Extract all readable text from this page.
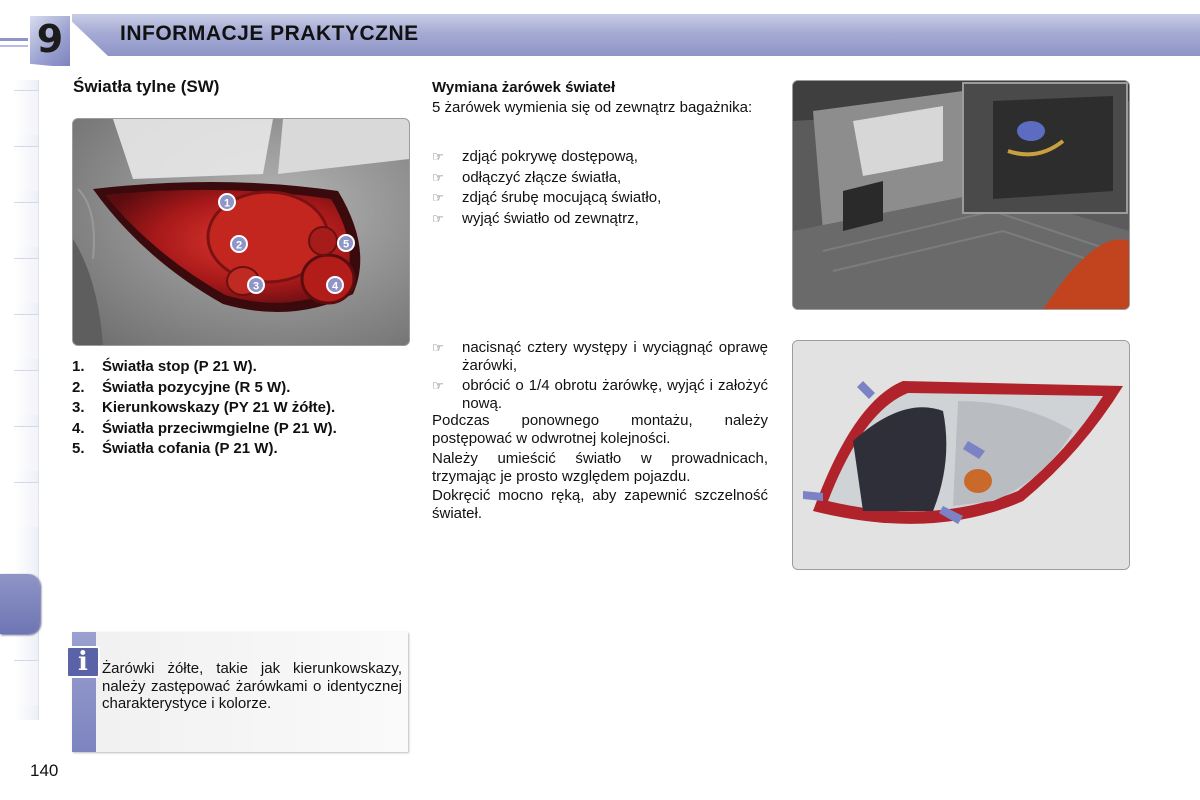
9	INFORMACJE PRAKTYCZNE
Światła tylne (SW)
1
2
3	4
5
1. Światła stop (P 21 W).
2. Światła pozycyjne (R 5 W).
3. Kierunkowskazy (PY 21 W żółte).
4. Światła przeciwmgielne (P 21 W).
5. Światła cofania (P 21 W).
i Żarówki żółte, takie jak kierunkowskazy, należy zastępować żarówkami o identycznej charakterystyce i kolorze.
Wymiana żarówek świateł
5 żarówek wymienia się od zewnątrz bagażnika:
☞ zdjąć pokrywę dostępową,
☞ odłączyć złącze światła,
☞ zdjąć śrubę mocującą światło,
☞ wyjąć światło od zewnątrz,
☞ nacisnąć cztery występy i wyciągnąć oprawę żarówki,
☞ obrócić o 1/4 obrotu żarówkę, wyjąć i założyć nową.
Podczas ponownego montażu, należy postępować w odwrotnej kolejności.
Należy umieścić światło w prowadnicach, trzymając je prosto względem pojazdu.
Dokręcić mocno ręką, aby zapewnić szczelność świateł.
140
